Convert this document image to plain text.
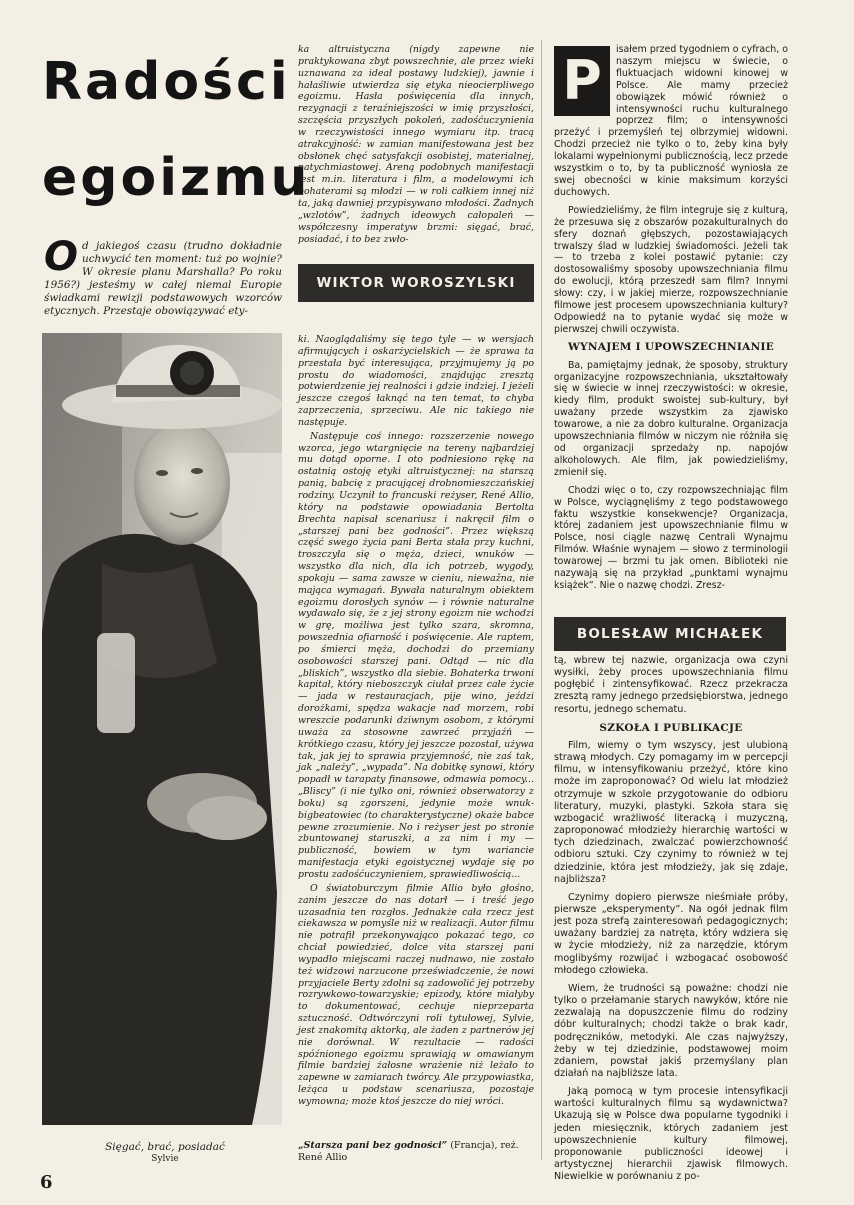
Radości
egoizmu
O d jakiegoś czasu (trudno dokładnie uchwycić ten moment: tuż po wojnie? W okresie planu Marshalla? Po roku 1956?) jesteśmy w całej niemal Europie świadkami rewizji podstawowych wzorców etycznych. Przestaje obowiązywać ety-
Sięgać, brać, posiadać
Sylvie
6
ka altruistyczna (nigdy zapewne nie praktykowana zbyt powszechnie, ale przez wieki uznawana za ideał postawy ludzkiej), jawnie i hałaśliwie utwierdza się etyka nieocierpliwego egoizmu. Hasła poświęcenia dla innych, rezygnacji z teraźniejszości w imię przyszłości, szczęścia przyszłych pokoleń, zadośćuczynienia w rzeczywistości innego wymiaru itp. tracą atrakcyjność: w zamian manifestowana jest bez obsłonek chęć satysfakcji osobistej, materialnej, natychmiastowej. Areną podobnych manifestacji jest m.in. literatura i film, a modelowymi ich bohaterami są młodzi — w roli całkiem innej niż ta, jaką dawniej przypisywano młodości. Żadnych „wzlotów”, żadnych ideowych całopaleń — współczesny imperatyw brzmi: sięgać, brać, posiadać, i to bez zwło-
WIKTOR WOROSZYLSKI

ki. Naoglądaliśmy się tego tyle — w wersjach afirmujących i oskarżycielskich — że sprawa ta przestała być interesująca, przyjmujemy ją po prostu do wiadomości, znajdując zresztą potwierdzenie jej realności i gdzie indziej. I jeżeli jeszcze czegoś łaknąć na ten temat, to chyba zaprzeczenia, sprzeciwu. Ale nic takiego nie następuje.

Następuje coś innego: rozszerzenie nowego wzorca, jego wtargnięcie na tereny najbardziej mu dotąd oporne. I oto podniesiono rękę na ostatnią ostoję etyki altruistycznej: na starszą panią, babcię z pracującej drobnomieszczańskiej rodziny. Uczynił to francuski reżyser, René Allio, który na podstawie opowiadania Bertolta Brechta napisał scenariusz i nakręcił film o „starszej pani bez godności”. Przez większą część swego życia pani Berta stała przy kuchni, troszczyła się o męża, dzieci, wnuków — wszystko dla nich, dla ich potrzeb, wygody, spokoju — sama zawsze w cieniu, niewažna, nie mająca wymagań. Bywała naturalnym obiektem egoizmu dorosłych synów — i równie naturalne wydawało się, że z jej strony egoizm nie wchodzi w grę, możliwa jest tylko szara, skromna, powszednia ofiarność i poświęcenie. Ale raptem, po śmierci męża, dochodzi do przemiany osobowości starszej pani. Odtąd — nic dla „bliskich”, wszystko dla siebie. Bohaterka trwoni kapitał, który nieboszczyk ciułał przez całe życie — jada w restauracjach, pije wino, jeździ dorożkami, spędza wakacje nad morzem, robi wreszcie podarunki dziwnym osobom, z którymi uważa za stosowne zawrzeć przyjaźń — krótkiego czasu, który jej jeszcze pozostał, używa tak, jak jej to sprawia przyjemność, nie zaś tak, jak „należy”, „wypada”. Na dobitkę synowi, który popadł w tarapaty finansowe, odmawia pomocy... „Bliscy” (i nie tylko oni, również obserwatorzy z boku) są zgorszeni, jedynie może wnuk-bigbeatowiec (to charakterystyczne) okaże babce pewne zrozumienie. No i reżyser jest po stronie zbuntowanej staruszki, a za nim i my — publiczność, bowiem w tym wariancie manifestacja etyki egoistycznej wydaje się po prostu zadośćuczynieniem, sprawiedliwością...

O światoburczym filmie Allio było głośno, zanim jeszcze do nas dotarł — i treść jego uzasadnia ten rozgłos. Jednakże cała rzecz jest ciekawsza w pomyśle niż w realizacji. Autor filmu nie potrafił przekonywająco pokazać tego, co chciał powiedzieć, dolce vita starszej pani wypadło miejscami raczej nudnawo, nie zostało też widzowi narzucone przeświadczenie, że nowi przyjaciele Berty zdolni są zadowolić jej potrzeby rozrywkowo-towarzyskie; epizody, które miałyby to dokumentować, cechuje nieprzeparta sztuczność. Odtwórczyni roli tytułowej, Sylvie, jest znakomitą aktorką, ale żaden z partnerów jej nie dorównał. W rezultacie — radości spóźnionego egoizmu sprawiają w omawianym filmie bardziej żałosne wrażenie niż leżało to zapewne w zamiarach twórcy. Ale przypowiastka, leżąca u podstaw scenariusza, pozostaje wymowna; może ktoś jeszcze do niej wróci.

„Starsza pani bez godności” (Francja), reż. René Allio
P	isałem przed tygodniem o cyfrach, o naszym miejscu w świecie, o fluktuacjach widowni kinowej w Polsce. Ale mamy przecież obowiązek mówić również o intensywności ruchu kulturalnego poprzez film; o intensywności przeżyć i przemyśleń tej olbrzymiej widowni. Chodzi przecież nie tylko o to, żeby kina były lokalami wypełnionymi publicznością, lecz przede wszystkim o to, by ta publiczność wyniosła ze swej obecności w kinie maksimum korzyści duchowych.

Powiedzieliśmy, że film integruje się z kulturą, że przesuwa się z obszarów pozakulturalnych do sfery doznań głębszych, pozostawiających trwalszy ślad w ludzkiej świadomości. Jeżeli tak — to trzeba z kolei postawić pytanie: czy dostosowaliśmy sposoby upowszechniania filmu do ewolucji, którą przeszedł sam film? Innymi słowy: czy, i w jakiej mierze, rozpowszechnianie filmowe jest procesem upowszechniania kultury? Odpowiedź na to pytanie wydać się może w pierwszej chwili oczywista.

WYNAJEM I UPOWSZECHNIANIE

Ba, pamiętajmy jednak, że sposoby, struktury organizacyjne rozpowszechniania, ukształtowały się w świecie w innej rzeczywistości: w okresie, kiedy film, produkt swoistej sub-kultury, był uważany przede wszystkim za zjawisko towarowe, a nie za dobro kulturalne. Organizacja upowszechniania filmów w niczym nie różniła się od organizacji sprzedaży np. napojów alkoholowych. Ale film, jak powiedzieliśmy, zmienił się.

Chodzi więc o to, czy rozpowszechniając film w Polsce, wyciągnęliśmy z tego podstawowego faktu wszystkie konsekwencje? Organizacja, której zadaniem jest upowszechnianie filmu w Polsce, nosi ciągle nazwę Centrali Wynajmu Filmów. Właśnie wynajem — słowo z terminologii towarowej — brzmi tu jak omen. Biblioteki nie nazywają się na przykład „punktami wynajmu książek”. Nie o nazwę chodzi. Zresz-

BOLESŁAW MICHAŁEK

tą, wbrew tej nazwie, organizacja owa czyni wysiłki, żeby proces upowszechniania filmu pogłębić i zintensyfikować. Rzecz przekracza zresztą ramy jednego przedsiębiorstwa, jednego resortu, jednego schematu.

SZKOŁA I PUBLIKACJE

Film, wiemy o tym wszyscy, jest ulubioną strawą młodych. Czy pomagamy im w percepcji filmu, w intensyfikowaniu przeżyć, które kino może im zaproponować? Od wielu lat młodzież otrzymuje w szkole przygotowanie do odbioru literatury, muzyki, plastyki. Szkoła stara się wzbogacić wrażliwość literacką i muzyczną, zaproponować młodzieży hierarchię wartości w tych dziedzinach, zwalczać powierzchowność odbioru sztuki. Czy czynimy to również w tej dziedzinie, która jest młodzieży, jak się zdaje, najbliższa?

Czynimy dopiero pierwsze nieśmiałe próby, pierwsze „eksperymenty”. Na ogół jednak film jest poza strefą zainteresowań pedagogicznych; uważany bardziej za natręta, który wdziera się w życie młodzieży, niż za narzędzie, którym moglibyśmy rozwijać i wzbogacać osobowość młodego człowieka.

Wiem, że trudności są poważne: chodzi nie tylko o przełamanie starych nawyków, które nie zezwalają na dopuszczenie filmu do rodziny dóbr kulturalnych; chodzi także o brak kadr, podręczników, metodyki. Ale czas najwyższy, żeby w tej dziedzinie, podstawowej moim zdaniem, powstał jakiś przemyślany plan działań na najbliższe lata.

Jaką pomocą w tym procesie intensyfikacji wartości kulturalnych filmu są wydawnictwa? Ukazują się w Polsce dwa popularne tygodniki i jeden miesięcznik, których zadaniem jest upowszechnienie kultury filmowej, proponowanie publiczności ideowej i artystycznej hierarchii zjawisk filmowych. Niewielkie w porównaniu z po-
